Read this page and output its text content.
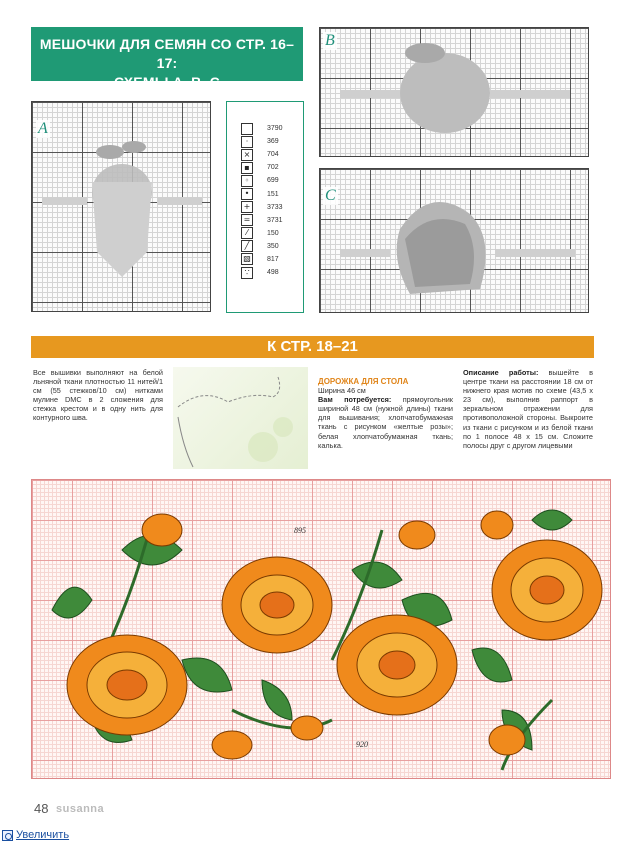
МЕШОЧКИ ДЛЯ СЕМЯН СО СТР. 16–17:
СХЕМЫ А, В, С
A	3790
·	369
×	704
▪	702
◦	699
•	151
+	3733
=	3731
⁄	150
╱	350
▧	817
∵	498
B
C
К СТР. 18–21
Все вышивки выполняют на белой льняной ткани плотностью 11 нитей/1 см (55 стежков/10 см) нитками мулине DMC в 2 сложения для стежка крестом и в одну нить для контурного шва.
ДОРОЖКА ДЛЯ СТОЛА
Ширина 46 см
Вам потребуется: прямоугольник шириной 48 см (нужной длины) ткани для вышивания; хлопчатобумажная ткань с рисунком «желтые розы»; белая хлопчатобумажная ткань; калька.
Описание работы: вышейте в центре ткани на расстоянии 18 см от нижнего края мотив по схеме (43,5 x 23 см), выполнив раппорт в зеркальном отражении для противоположной стороны. Выкроите из ткани с рисунком и из белой ткани по 1 полосе 48 x 15 см. Сложите полосы друг с другом лицевыми
895
920
48 susanna
Увеличить
